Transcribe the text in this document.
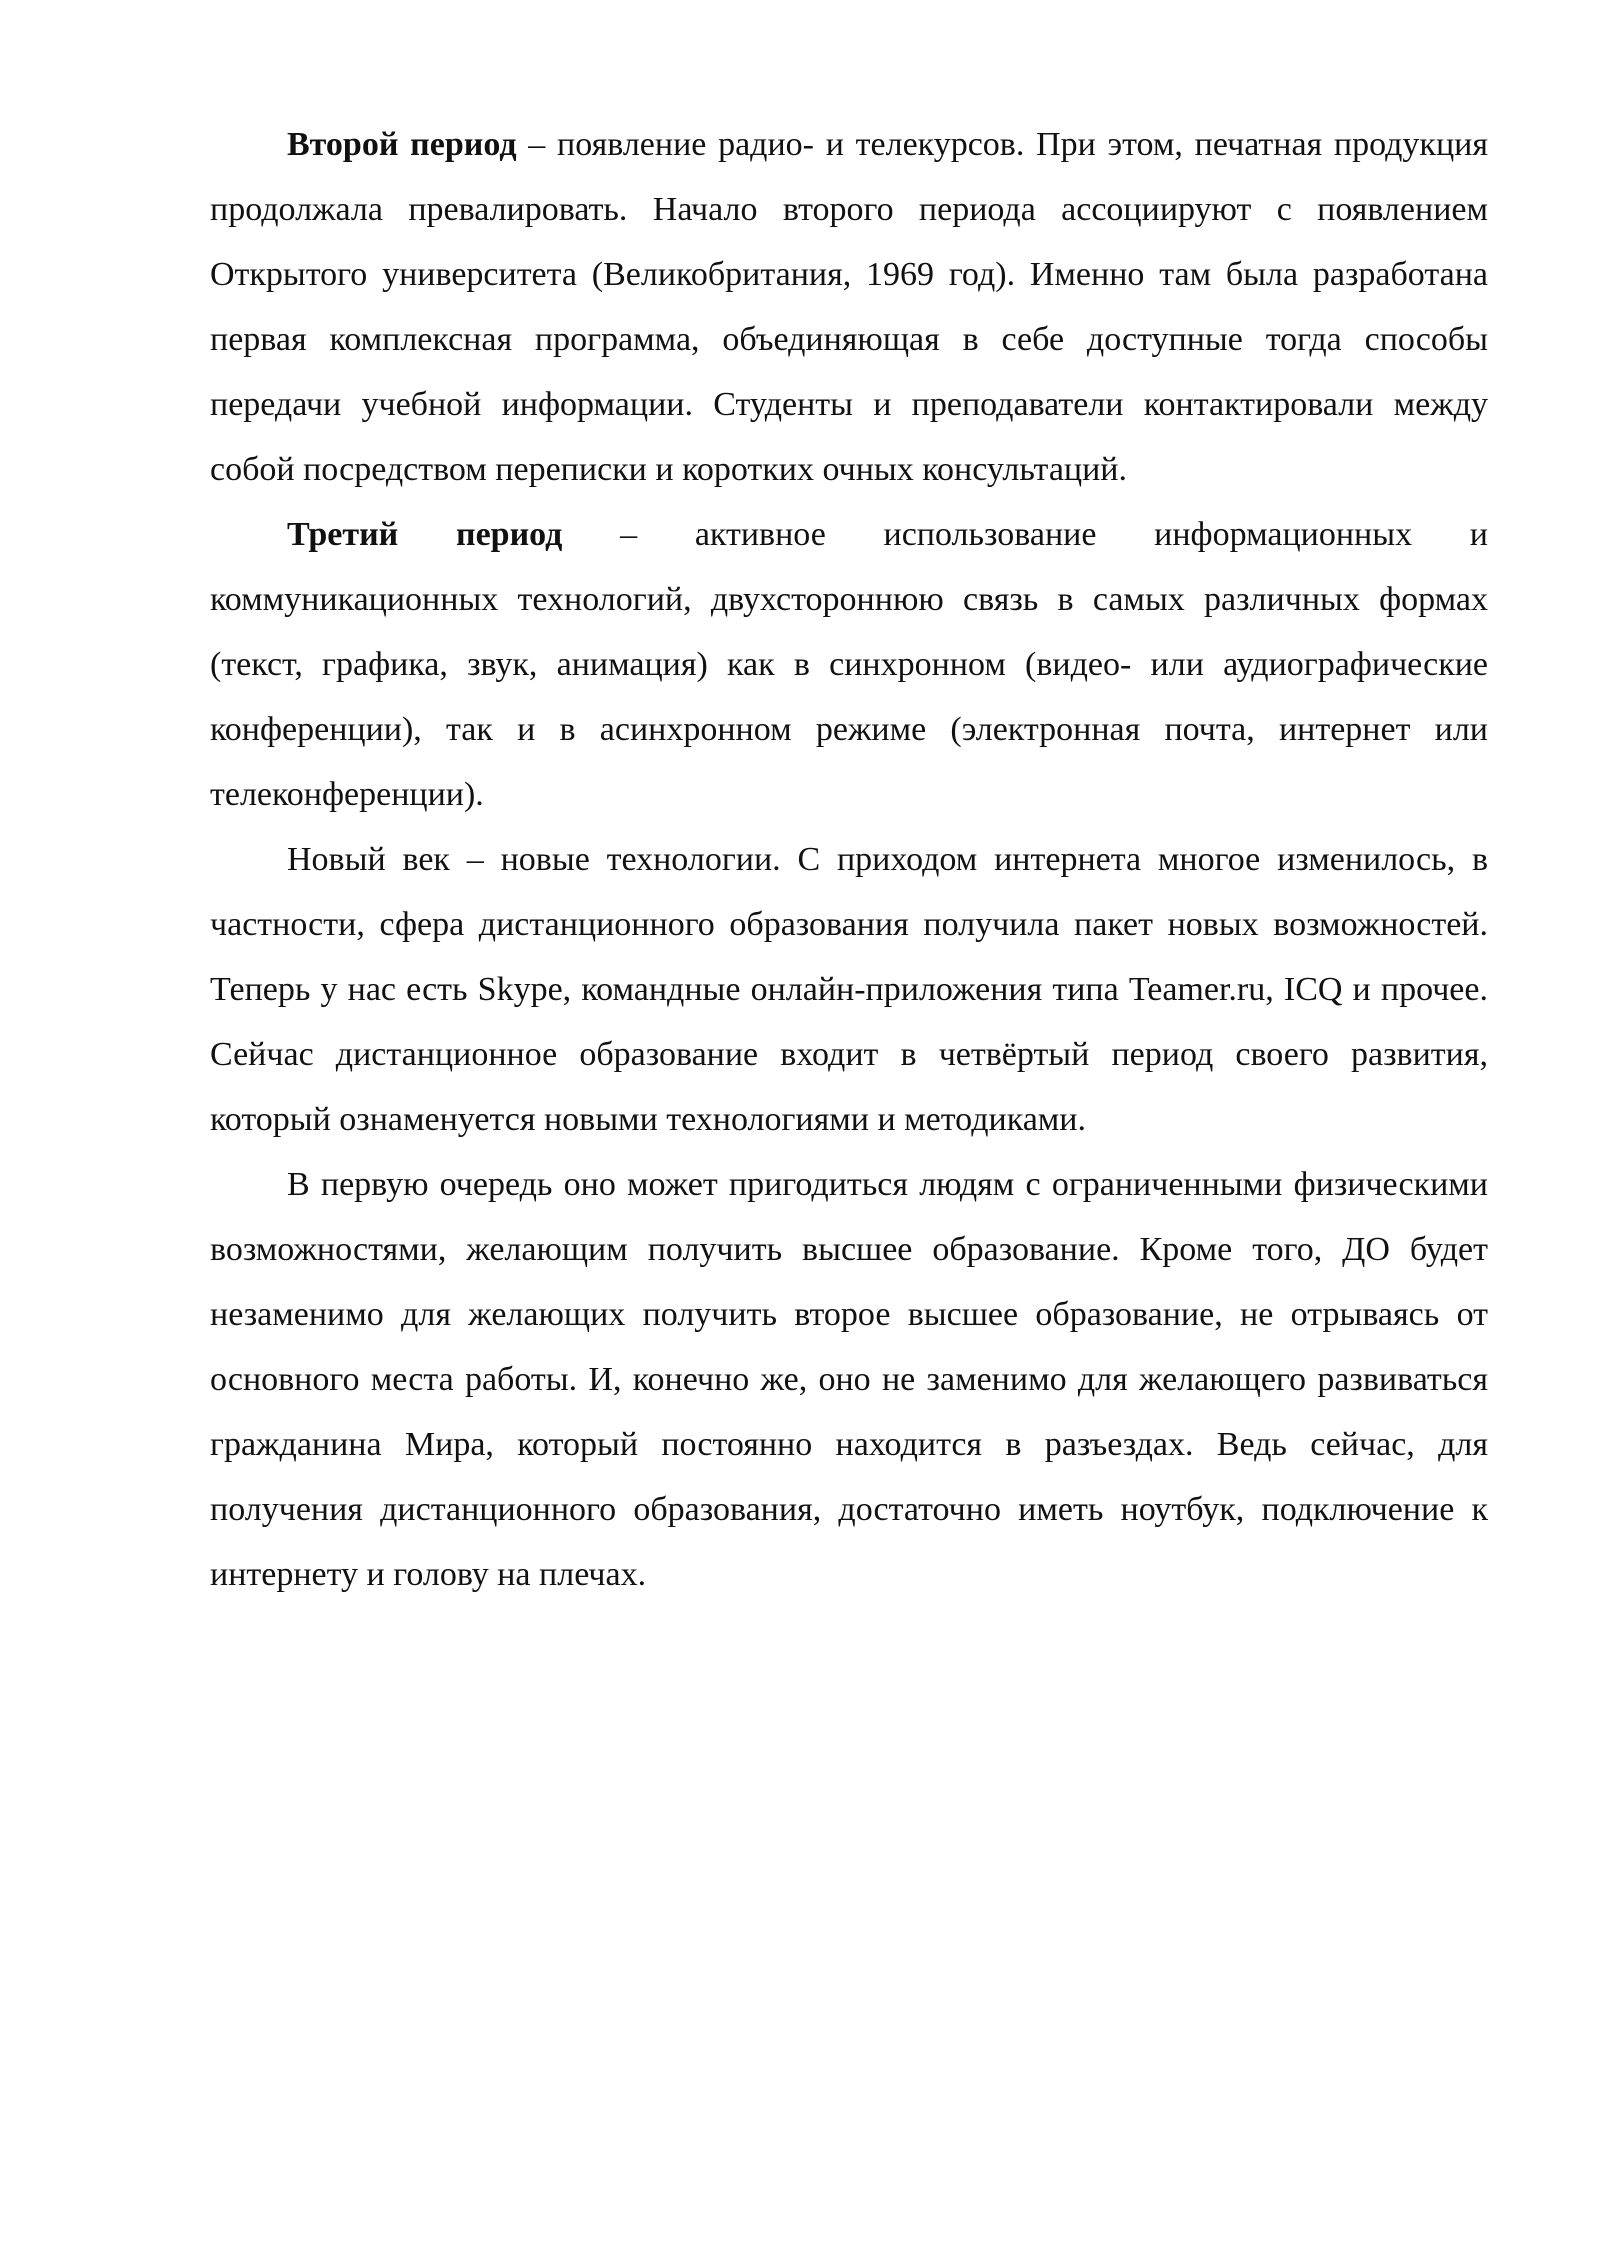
Второй период – появление радио- и телекурсов. При этом, печатная продукция продолжала превалировать. Начало второго периода ассоциируют с появлением Открытого университета (Великобритания, 1969 год). Именно там была разработана первая комплексная программа, объединяющая в себе доступные тогда способы передачи учебной информации. Студенты и преподаватели контактировали между собой посредством переписки и коротких очных консультаций.

Третий период – активное использование информационных и коммуникационных технологий, двухстороннюю связь в самых различных формах (текст, графика, звук, анимация) как в синхронном (видео- или аудиографические конференции), так и в асинхронном режиме (электронная почта, интернет или телеконференции).

Новый век – новые технологии. С приходом интернета многое изменилось, в частности, сфера дистанционного образования получила пакет новых возможностей. Теперь у нас есть Skype, командные онлайн-приложения типа Teamer.ru, ICQ и прочее. Сейчас дистанционное образование входит в четвёртый период своего развития, который ознаменуется новыми технологиями и методиками.

В первую очередь оно может пригодиться людям с ограниченными физическими возможностями, желающим получить высшее образование. Кроме того, ДО будет незаменимо для желающих получить второе высшее образование, не отрываясь от основного места работы. И, конечно же, оно не заменимо для желающего развиваться гражданина Мира, который постоянно находится в разъездах. Ведь сейчас, для получения дистанционного образования, достаточно иметь ноутбук, подключение к интернету и голову на плечах.
